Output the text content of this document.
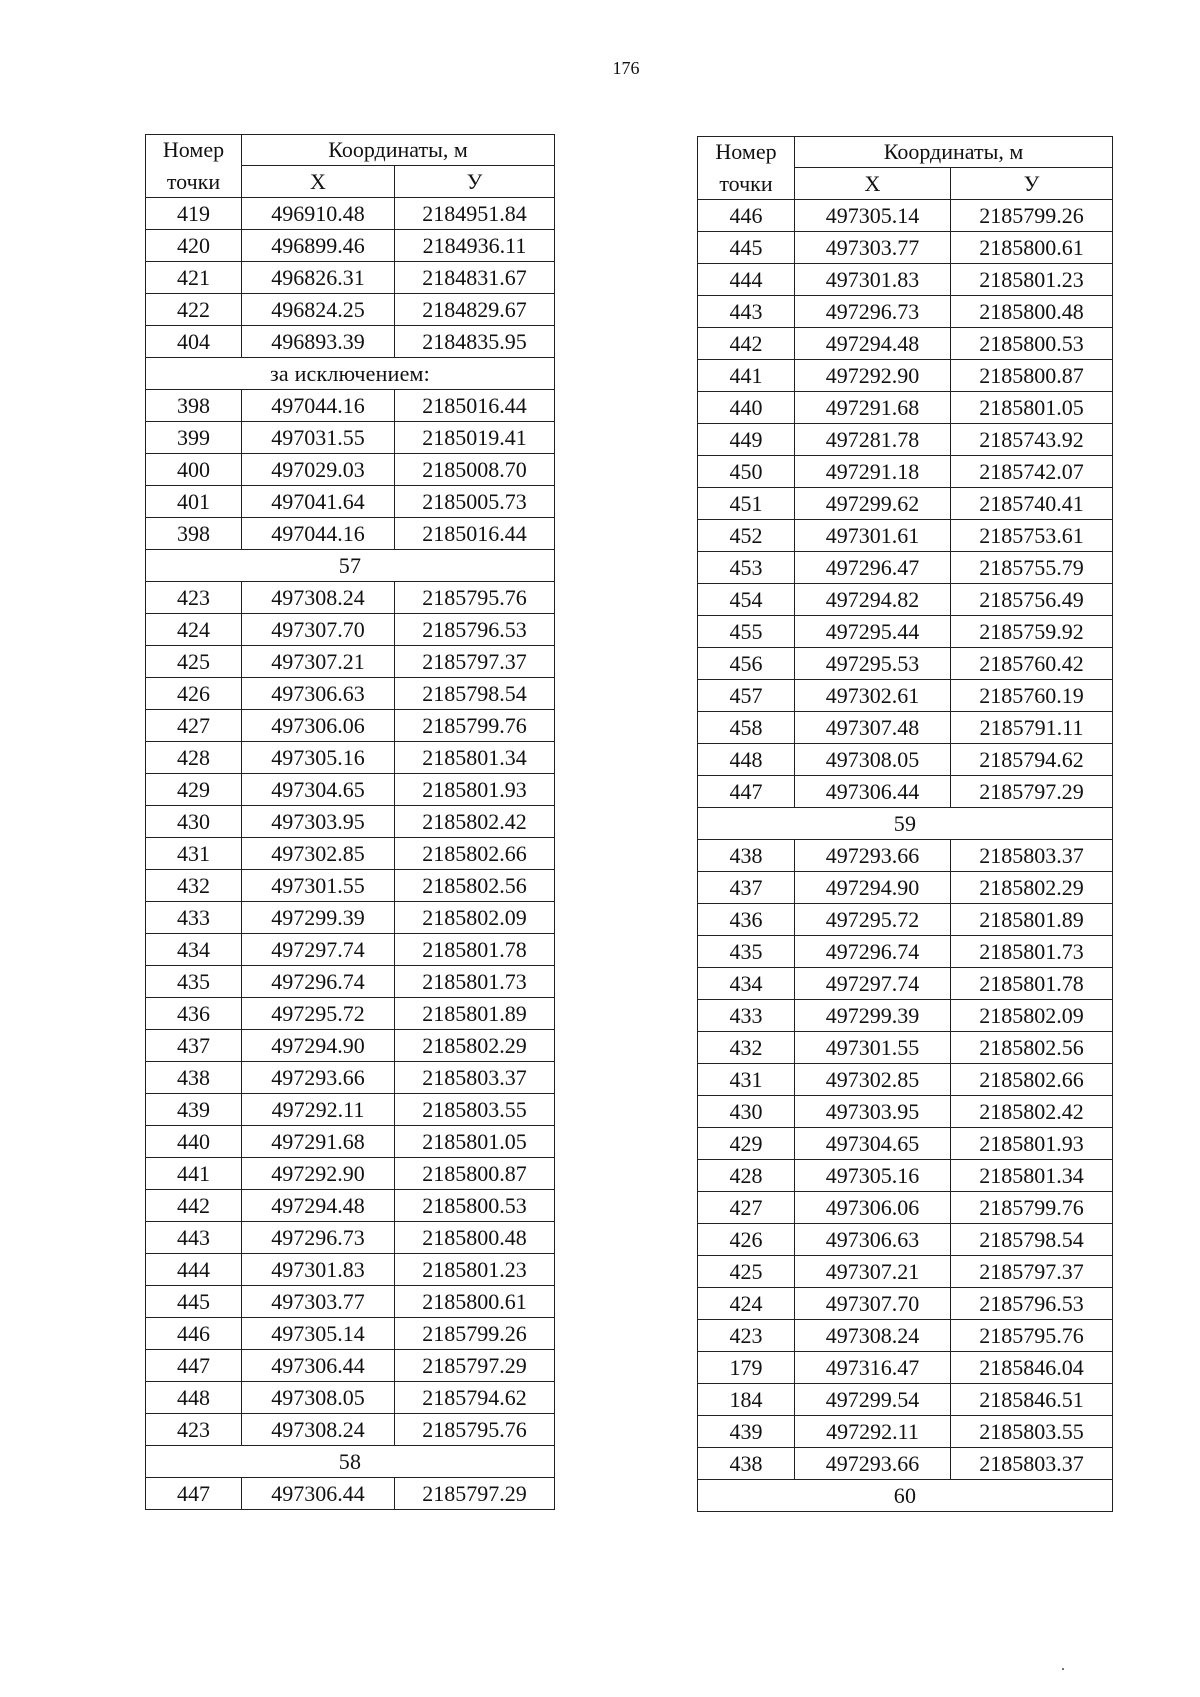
176
Номер	Координаты, м	
точки	X	У
419	496910.48	2184951.84
420	496899.46	2184936.11
421	496826.31	2184831.67
422	496824.25	2184829.67
404	496893.39	2184835.95
за исключением:		
398	497044.16	2185016.44
399	497031.55	2185019.41
400	497029.03	2185008.70
401	497041.64	2185005.73
398	497044.16	2185016.44
57		
423	497308.24	2185795.76
424	497307.70	2185796.53
425	497307.21	2185797.37
426	497306.63	2185798.54
427	497306.06	2185799.76
428	497305.16	2185801.34
429	497304.65	2185801.93
430	497303.95	2185802.42
431	497302.85	2185802.66
432	497301.55	2185802.56
433	497299.39	2185802.09
434	497297.74	2185801.78
435	497296.74	2185801.73
436	497295.72	2185801.89
437	497294.90	2185802.29
438	497293.66	2185803.37
439	497292.11	2185803.55
440	497291.68	2185801.05
441	497292.90	2185800.87
442	497294.48	2185800.53
443	497296.73	2185800.48
444	497301.83	2185801.23
445	497303.77	2185800.61
446	497305.14	2185799.26
447	497306.44	2185797.29
448	497308.05	2185794.62
423	497308.24	2185795.76
58		
447	497306.44	2185797.29
Номер	Координаты, м	
точки	X	У
446	497305.14	2185799.26
445	497303.77	2185800.61
444	497301.83	2185801.23
443	497296.73	2185800.48
442	497294.48	2185800.53
441	497292.90	2185800.87
440	497291.68	2185801.05
449	497281.78	2185743.92
450	497291.18	2185742.07
451	497299.62	2185740.41
452	497301.61	2185753.61
453	497296.47	2185755.79
454	497294.82	2185756.49
455	497295.44	2185759.92
456	497295.53	2185760.42
457	497302.61	2185760.19
458	497307.48	2185791.11
448	497308.05	2185794.62
447	497306.44	2185797.29
59		
438	497293.66	2185803.37
437	497294.90	2185802.29
436	497295.72	2185801.89
435	497296.74	2185801.73
434	497297.74	2185801.78
433	497299.39	2185802.09
432	497301.55	2185802.56
431	497302.85	2185802.66
430	497303.95	2185802.42
429	497304.65	2185801.93
428	497305.16	2185801.34
427	497306.06	2185799.76
426	497306.63	2185798.54
425	497307.21	2185797.37
424	497307.70	2185796.53
423	497308.24	2185795.76
179	497316.47	2185846.04
184	497299.54	2185846.51
439	497292.11	2185803.55
438	497293.66	2185803.37
60		
